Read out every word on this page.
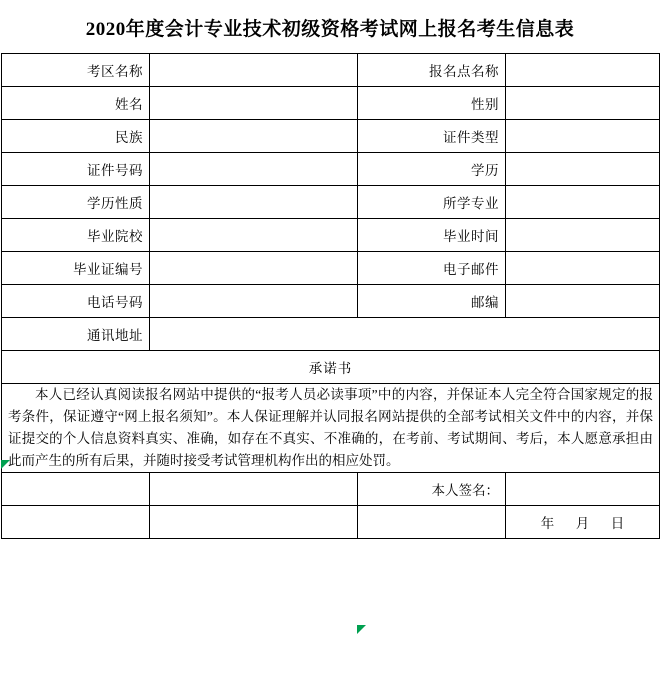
2020年度会计专业技术初级资格考试网上报名考生信息表
考区名称		报名点名称	
姓名		性别	
民族		证件类型	
证件号码		学历	
学历性质		所学专业	
毕业院校		毕业时间	
毕业证编号		电子邮件	
电话号码		邮编	
通讯地址			
承诺书			

本人已经认真阅读报名网站中提供的“报考人员必读事项”中的内容，并保证本人完全符合国家规定的报考条件，保证遵守“网上报名须知”。本人保证理解并认同报名网站提供的全部考试相关文件中的内容，并保证提交的个人信息资料真实、准确，如存在不真实、不准确的，在考前、考试期间、考后，本人愿意承担由此而产生的所有后果，并随时接受考试管理机构作出的相应处罚。			

		本人签名：	

			年 月 日
